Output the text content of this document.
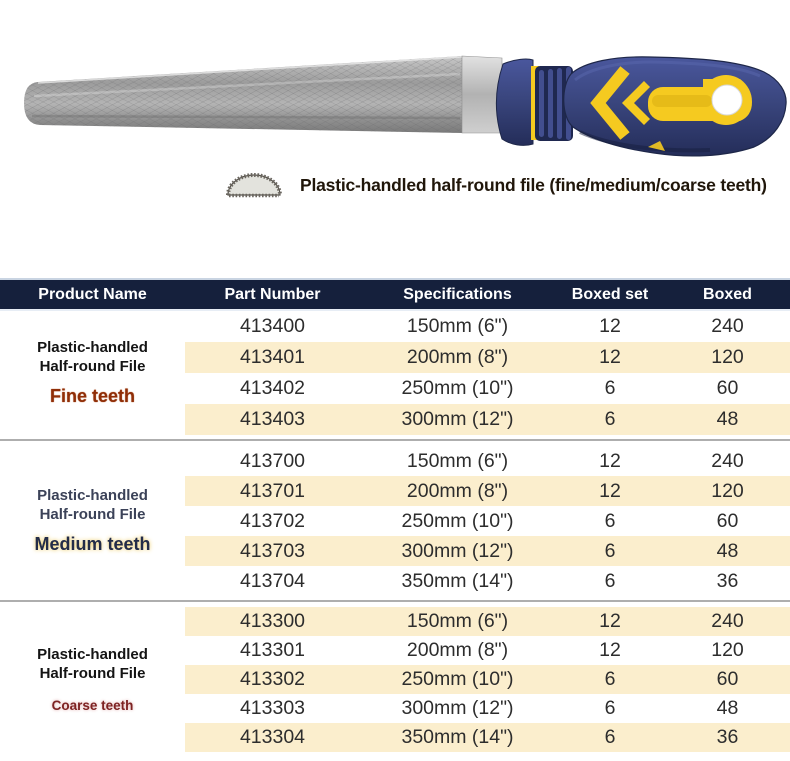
Plastic-handled half-round file (fine/medium/coarse teeth)
Product Name	Part Number	Specifications	Boxed set	Boxed
Plastic-handled
Half-round File
Fine teeth
413400	150mm (6")	12	240
413401	200mm (8")	12	120
413402	250mm (10")	6	60
413403	300mm (12")	6	48
Plastic-handled
Half-round File
Medium teeth
413700	150mm (6")	12	240
413701	200mm (8")	12	120
413702	250mm (10")	6	60
413703	300mm (12")	6	48
413704	350mm (14")	6	36
Plastic-handled
Half-round File
Coarse teeth
413300	150mm (6")	12	240
413301	200mm (8")	12	120
413302	250mm (10")	6	60
413303	300mm (12")	6	48
413304	350mm (14")	6	36
